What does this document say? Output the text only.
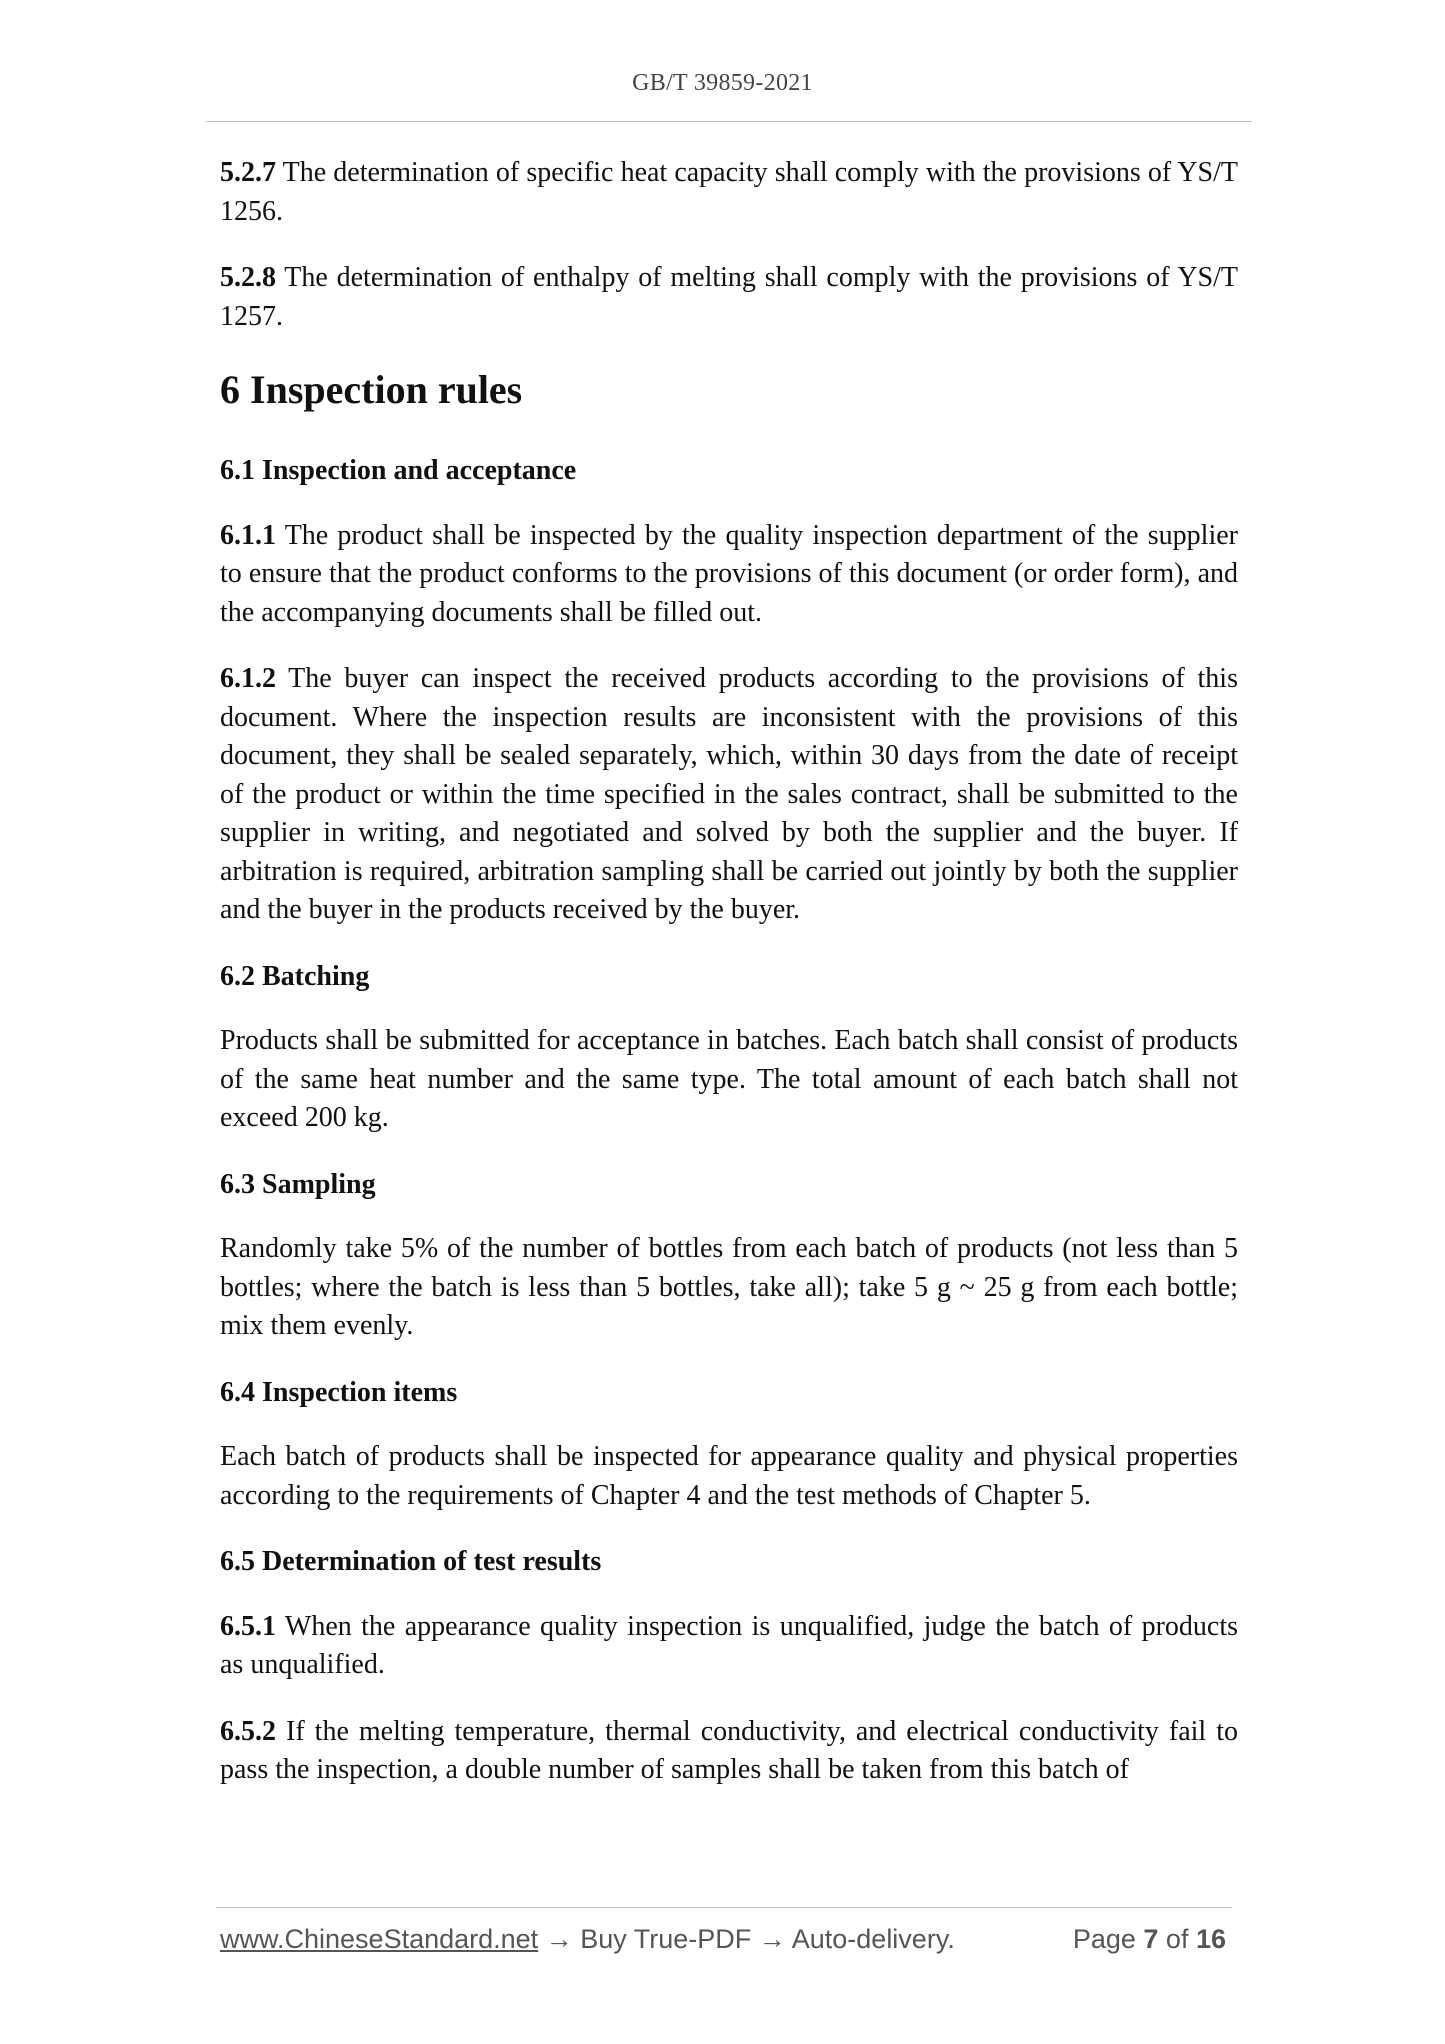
GB/T 39859-2021

5.2.7 The determination of specific heat capacity shall comply with the provisions of YS/T 1256.

5.2.8 The determination of enthalpy of melting shall comply with the provisions of YS/T 1257.

6 Inspection rules
6.1 Inspection and acceptance

6.1.1 The product shall be inspected by the quality inspection department of the supplier to ensure that the product conforms to the provisions of this document (or order form), and the accompanying documents shall be filled out.

6.1.2 The buyer can inspect the received products according to the provisions of this document. Where the inspection results are inconsistent with the provisions of this document, they shall be sealed separately, which, within 30 days from the date of receipt of the product or within the time specified in the sales contract, shall be submitted to the supplier in writing, and negotiated and solved by both the supplier and the buyer. If arbitration is required, arbitration sampling shall be carried out jointly by both the supplier and the buyer in the products received by the buyer.

6.2 Batching

Products shall be submitted for acceptance in batches. Each batch shall consist of products of the same heat number and the same type. The total amount of each batch shall not exceed 200 kg.

6.3 Sampling

Randomly take 5% of the number of bottles from each batch of products (not less than 5 bottles; where the batch is less than 5 bottles, take all); take 5 g ~ 25 g from each bottle; mix them evenly.

6.4 Inspection items

Each batch of products shall be inspected for appearance quality and physical properties according to the requirements of Chapter 4 and the test methods of Chapter 5.

6.5 Determination of test results

6.5.1 When the appearance quality inspection is unqualified, judge the batch of products as unqualified.

6.5.2 If the melting temperature, thermal conductivity, and electrical conductivity fail to pass the inspection, a double number of samples shall be taken from this batch of

www.ChineseStandard.net → Buy True-PDF → Auto-delivery.	Page 7 of 16
